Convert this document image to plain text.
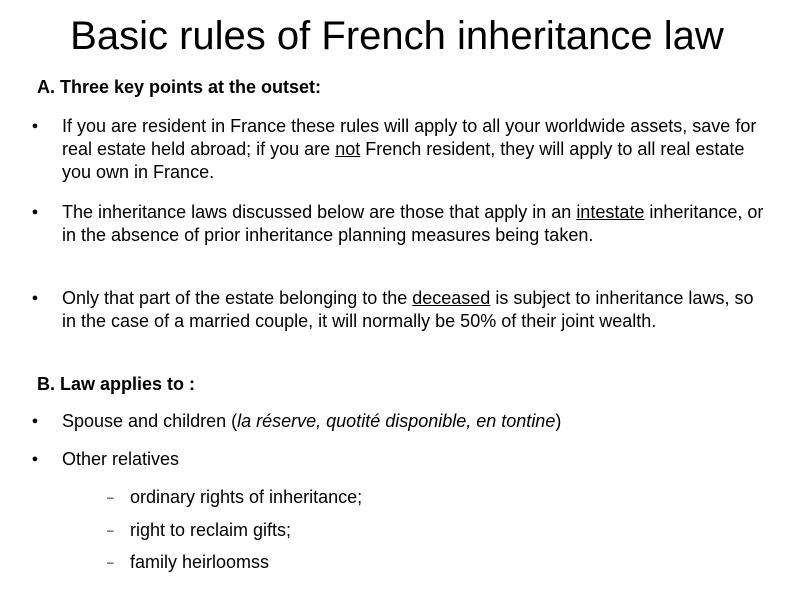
Basic rules of French inheritance law
A. Three key points at the outset:
● If you are resident in France these rules will apply to all your worldwide assets, save for real estate held abroad; if you are not French resident, they will apply to all real estate you own in France.
● The inheritance laws discussed below are those that apply in an intestate inheritance, or in the absence of prior inheritance planning measures being taken.
● Only that part of the estate belonging to the deceased is subject to inheritance laws, so in the case of a married couple, it will normally be 50% of their joint wealth.
B. Law applies to :
● Spouse and children (la réserve, quotité disponible, en tontine)
● Other relatives
– ordinary rights of inheritance;
– right to reclaim gifts;
– family heirloomss
